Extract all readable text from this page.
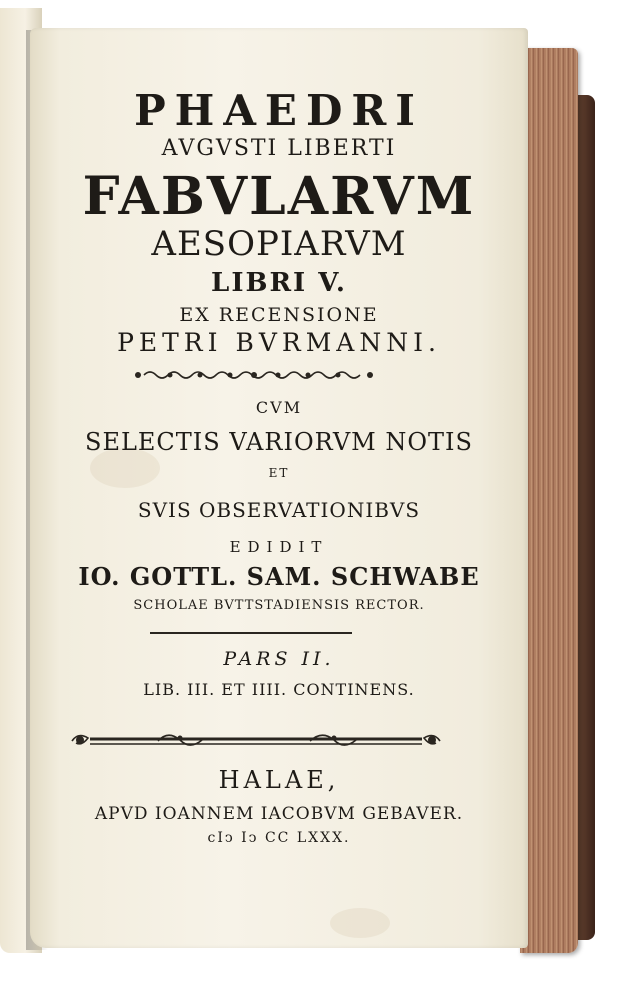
PHAEDRI
AVGVSTI LIBERTI
FABVLARVM
AESOPIARVM
LIBRI V.
EX RECENSIONE
PETRI BVRMANNI.
CVM
SELECTIS VARIORVM NOTIS
ET
SVIS OBSERVATIONIBVS
EDIDIT
IO. GOTTL. SAM. SCHWABE
SCHOLAE BVTTSTADIENSIS RECTOR.
PARS II.
LIB. III. ET IIII. CONTINENS.
HALAE,
APVD IOANNEM IACOBVM GEBAVER.
cIↄ Iↄ CC LXXX.
